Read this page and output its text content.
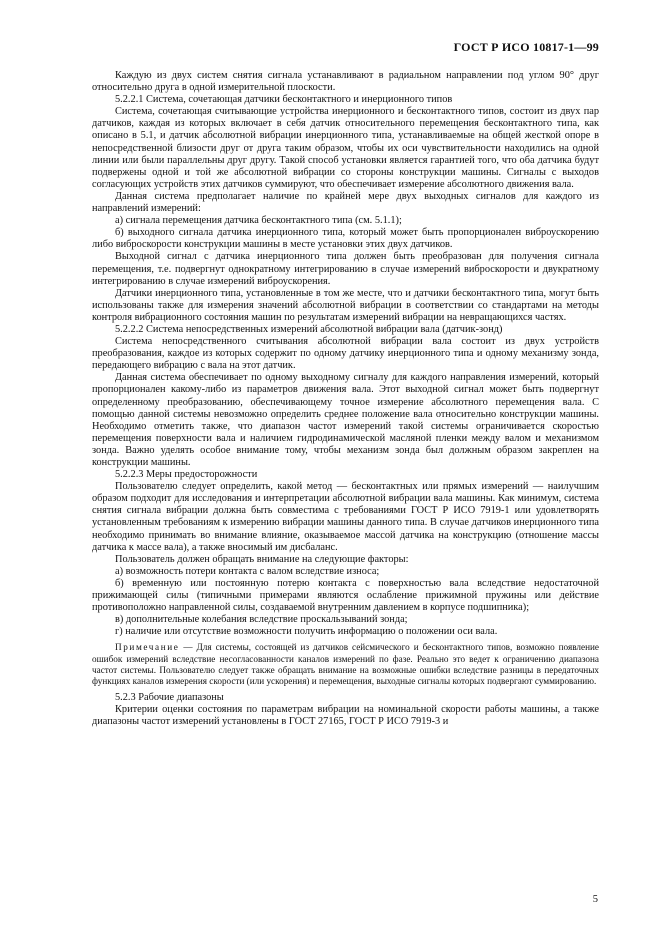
ГОСТ Р ИСО 10817-1—99

Каждую из двух систем снятия сигнала устанавливают в радиальном направлении под углом 90° друг относительно друга в одной измерительной плоскости.

5.2.2.1 Система, сочетающая датчики бесконтактного и инерционного типов

Система, сочетающая считывающие устройства инерционного и бесконтактного типов, состоит из двух пар датчиков, каждая из которых включает в себя датчик относительного перемещения бесконтактного типа, как описано в 5.1, и датчик абсолютной вибрации инерционного типа, устанавливаемые на общей жесткой опоре в непосредственной близости друг от друга таким образом, чтобы их оси чувствительности находились на одной линии или были параллельны друг другу. Такой способ установки является гарантией того, что оба датчика будут подвержены одной и той же абсолютной вибрации со стороны конструкции машины. Сигналы с выходов согласующих устройств этих датчиков суммируют, что обеспечивает измерение абсолютного движения вала.

Данная система предполагает наличие по крайней мере двух выходных сигналов для каждого из направлений измерений:

а) сигнала перемещения датчика бесконтактного типа (см. 5.1.1);

б) выходного сигнала датчика инерционного типа, который может быть пропорционален виброускорению либо виброскорости конструкции машины в месте установки этих двух датчиков.

Выходной сигнал с датчика инерционного типа должен быть преобразован для получения сигнала перемещения, т.е. подвергнут однократному интегрированию в случае измерений виброскорости и двукратному интегрированию в случае измерений виброускорения.

Датчики инерционного типа, установленные в том же месте, что и датчики бесконтактного типа, могут быть использованы также для измерения значений абсолютной вибрации в соответствии со стандартами на методы контроля вибрационного состояния машин по результатам измерений вибрации на невращающихся частях.

5.2.2.2 Система непосредственных измерений абсолютной вибрации вала (датчик-зонд)

Система непосредственного считывания абсолютной вибрации вала состоит из двух устройств преобразования, каждое из которых содержит по одному датчику инерционного типа и одному механизму зонда, передающего вибрацию с вала на этот датчик.

Данная система обеспечивает по одному выходному сигналу для каждого направления измерений, который пропорционален какому-либо из параметров движения вала. Этот выходной сигнал может быть подвергнут определенному преобразованию, обеспечивающему точное измерение абсолютного перемещения вала. С помощью данной системы невозможно определить среднее положение вала относительно конструкции машины. Необходимо отметить также, что диапазон частот измерений такой системы ограничивается скоростью перемещения поверхности вала и наличием гидродинамической масляной пленки между валом и механизмом зонда. Важно уделять особое внимание тому, чтобы механизм зонда был должным образом закреплен на конструкции машины.

5.2.2.3 Меры предосторожности

Пользователю следует определить, какой метод — бесконтактных или прямых измерений — наилучшим образом подходит для исследования и интерпретации абсолютной вибрации вала машины. Как минимум, система снятия сигнала вибрации должна быть совместима с требованиями ГОСТ Р ИСО 7919-1 или удовлетворять установленным требованиям к измерению вибрации машины данного типа. В случае датчиков инерционного типа необходимо принимать во внимание влияние, оказываемое массой датчика на конструкцию (отношение массы датчика к массе вала), а также вносимый им дисбаланс.

Пользователь должен обращать внимание на следующие факторы:

а) возможность потери контакта с валом вследствие износа;

б) временную или постоянную потерю контакта с поверхностью вала вследствие недостаточной прижимающей силы (типичными примерами являются ослабление прижимной пружины или действие противоположно направленной силы, создаваемой внутренним давлением в корпусе подшипника);

в) дополнительные колебания вследствие проскальзываний зонда;

г) наличие или отсутствие возможности получить информацию о положении оси вала.

Примечание — Для системы, состоящей из датчиков сейсмического и бесконтактного типов, возможно появление ошибок измерений вследствие несогласованности каналов измерений по фазе. Реально это ведет к ограничению диапазона частот системы. Пользователю следует также обращать внимание на возможные ошибки вследствие разницы в передаточных функциях каналов измерения скорости (или ускорения) и перемещения, выходные сигналы которых подвергают суммированию.

5.2.3 Рабочие диапазоны

Критерии оценки состояния по параметрам вибрации на номинальной скорости работы машины, а также диапазоны частот измерений установлены в ГОСТ 27165, ГОСТ Р ИСО 7919-3 и

5
